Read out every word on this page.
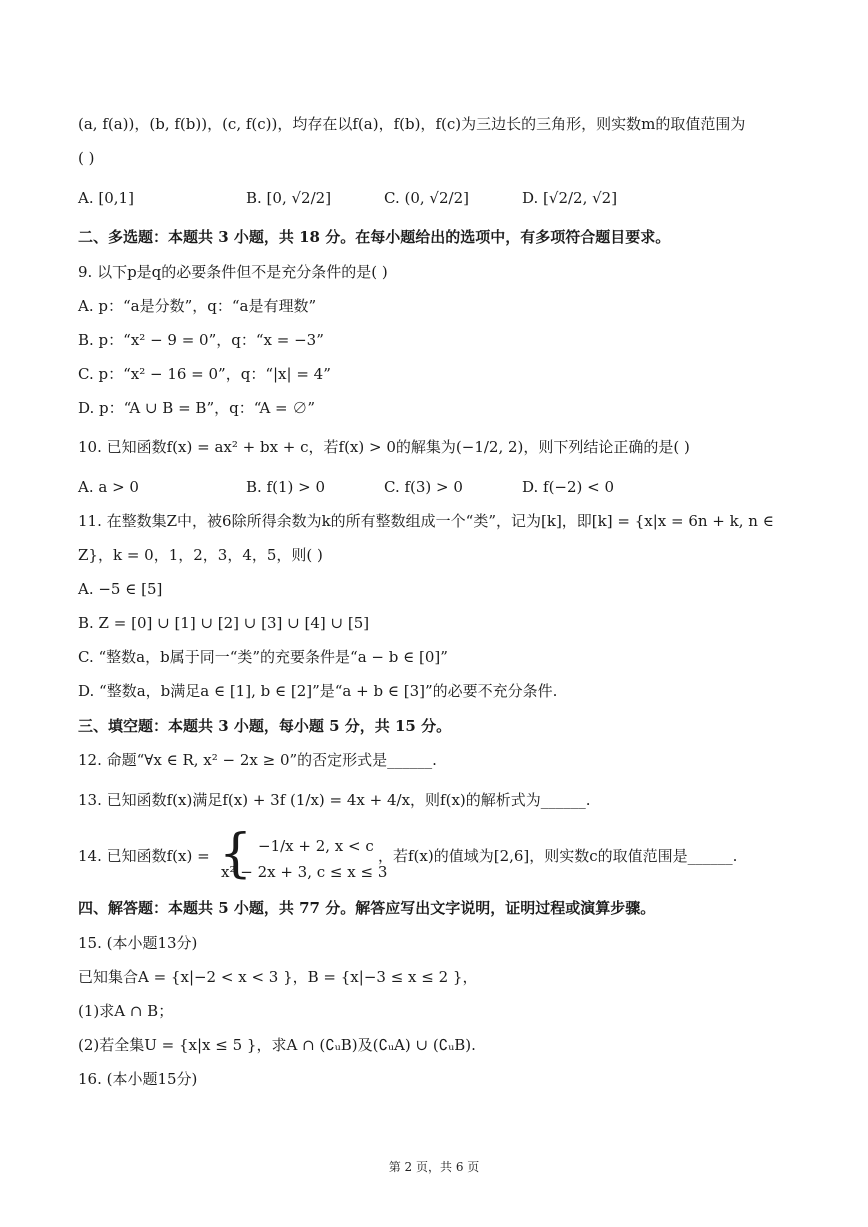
(a, f(a))，(b, f(b))，(c, f(c))，均存在以f(a)，f(b)，f(c)为三边长的三角形，则实数m的取值范围为
( )
A. [0,1]	B. [0, √2/2]	C. (0, √2/2]	D. [√2/2, √2]
二、多选题：本题共 3 小题，共 18 分。在每小题给出的选项中，有多项符合题目要求。
9. 以下p是q的必要条件但不是充分条件的是( )
A. p：“a是分数”，q：“a是有理数”
B. p：“x² − 9 = 0”，q：“x = −3”
C. p：“x² − 16 = 0”，q：“|x| = 4”
D. p：“A ∪ B = B”，q：“A = ∅”
10. 已知函数f(x) = ax² + bx + c，若f(x) > 0的解集为(−1/2, 2)，则下列结论正确的是( )
A. a > 0	B. f(1) > 0	C. f(3) > 0	D. f(−2) < 0
11. 在整数集Z中，被6除所得余数为k的所有整数组成一个“类”，记为[k]，即[k] = {x|x = 6n + k, n ∈
Z}，k = 0，1，2，3，4，5，则( )
A. −5 ∈ [5]
B. Z = [0] ∪ [1] ∪ [2] ∪ [3] ∪ [4] ∪ [5]
C. “整数a，b属于同一“类”的充要条件是“a − b ∈ [0]”
D. “整数a，b满足a ∈ [1], b ∈ [2]”是“a + b ∈ [3]”的必要不充分条件.
三、填空题：本题共 3 小题，每小题 5 分，共 15 分。
12. 命题“∀x ∈ R, x² − 2x ≥ 0”的否定形式是______.
13. 已知函数f(x)满足f(x) + 3f (1/x) = 4x + 4/x，则f(x)的解析式为______.
14. 已知函数f(x) = { −1/x + 2, x < c
x² − 2x + 3, c ≤ x ≤ 3
，若f(x)的值域为[2,6]，则实数c的取值范围是______.
四、解答题：本题共 5 小题，共 77 分。解答应写出文字说明，证明过程或演算步骤。
15. (本小题13分)
已知集合A = {x|−2 < x < 3 }，B = {x|−3 ≤ x ≤ 2 }，
(1)求A ∩ B；
(2)若全集U = {x|x ≤ 5 }，求A ∩ (∁ᵤB)及(∁ᵤA) ∪ (∁ᵤB).
16. (本小题15分)
第 2 页，共 6 页
